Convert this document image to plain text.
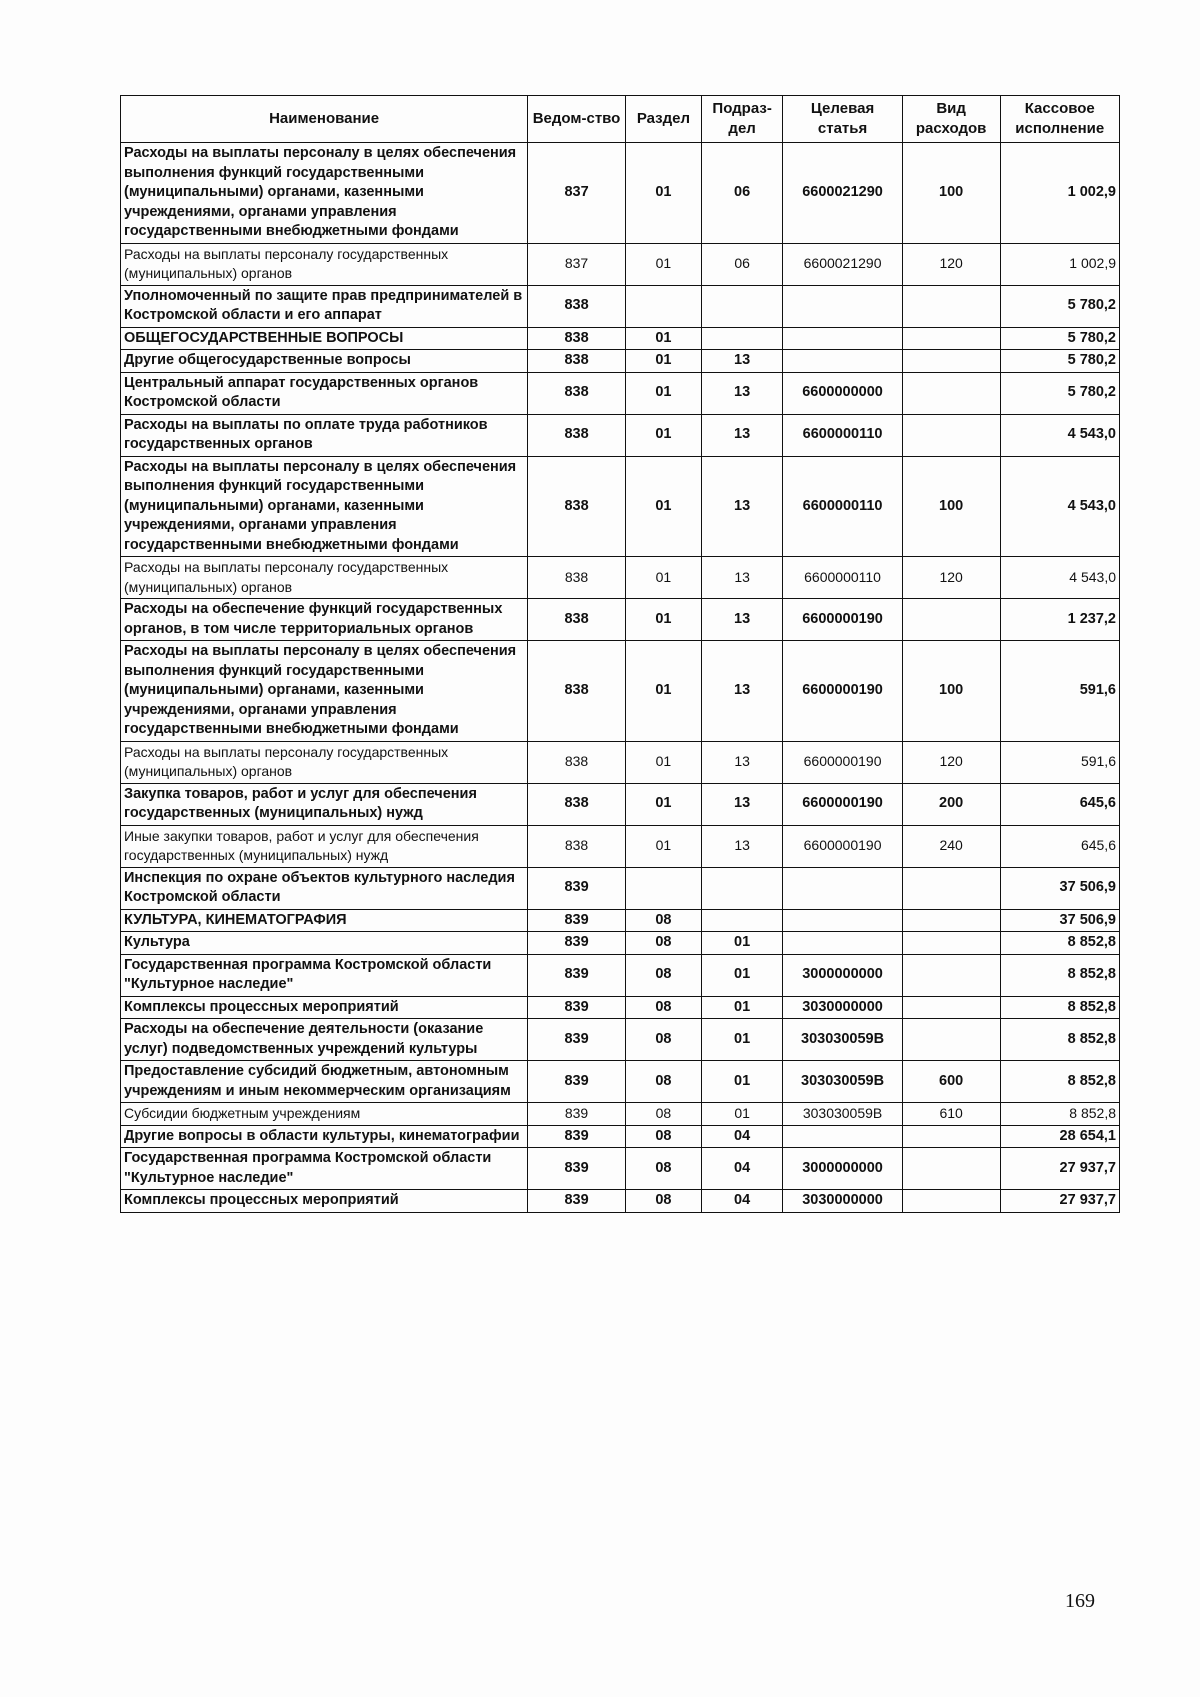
Наименование	Ведом-ство	Раздел	Подраз-дел	Целевая статья	Вид расходов	Кассовое исполнение
Расходы на выплаты персоналу в целях обеспечения выполнения функций государственными (муниципальными) органами, казенными учреждениями, органами управления государственными внебюджетными фондами	837	01	06	6600021290	100	1 002,9
Расходы на выплаты персоналу государственных (муниципальных) органов	837	01	06	6600021290	120	1 002,9
Уполномоченный по защите прав предпринимателей в Костромской области и его аппарат	838					5 780,2
ОБЩЕГОСУДАРСТВЕННЫЕ ВОПРОСЫ	838	01				5 780,2
Другие общегосударственные вопросы	838	01	13			5 780,2
Центральный аппарат государственных органов Костромской области	838	01	13	6600000000		5 780,2
Расходы на выплаты по оплате труда работников государственных органов	838	01	13	6600000110		4 543,0
Расходы на выплаты персоналу в целях обеспечения выполнения функций государственными (муниципальными) органами, казенными учреждениями, органами управления государственными внебюджетными фондами	838	01	13	6600000110	100	4 543,0
Расходы на выплаты персоналу государственных (муниципальных) органов	838	01	13	6600000110	120	4 543,0
Расходы на обеспечение функций государственных органов, в том числе территориальных органов	838	01	13	6600000190		1 237,2
Расходы на выплаты персоналу в целях обеспечения выполнения функций государственными (муниципальными) органами, казенными учреждениями, органами управления государственными внебюджетными фондами	838	01	13	6600000190	100	591,6
Расходы на выплаты персоналу государственных (муниципальных) органов	838	01	13	6600000190	120	591,6
Закупка товаров, работ и услуг для обеспечения государственных (муниципальных) нужд	838	01	13	6600000190	200	645,6
Иные закупки товаров, работ и услуг для обеспечения государственных (муниципальных) нужд	838	01	13	6600000190	240	645,6
Инспекция по охране объектов культурного наследия Костромской области	839					37 506,9
КУЛЬТУРА, КИНЕМАТОГРАФИЯ	839	08				37 506,9
Культура	839	08	01			8 852,8
Государственная программа Костромской области "Культурное наследие"	839	08	01	3000000000		8 852,8
Комплексы процессных мероприятий	839	08	01	3030000000		8 852,8
Расходы на обеспечение деятельности (оказание услуг) подведомственных учреждений культуры	839	08	01	303030059В		8 852,8
Предоставление субсидий бюджетным, автономным учреждениям и иным некоммерческим организациям	839	08	01	303030059В	600	8 852,8
Субсидии бюджетным учреждениям	839	08	01	303030059В	610	8 852,8
Другие вопросы в области культуры, кинематографии	839	08	04			28 654,1
Государственная программа Костромской области "Культурное наследие"	839	08	04	3000000000		27 937,7
Комплексы процессных мероприятий	839	08	04	3030000000		27 937,7
169
